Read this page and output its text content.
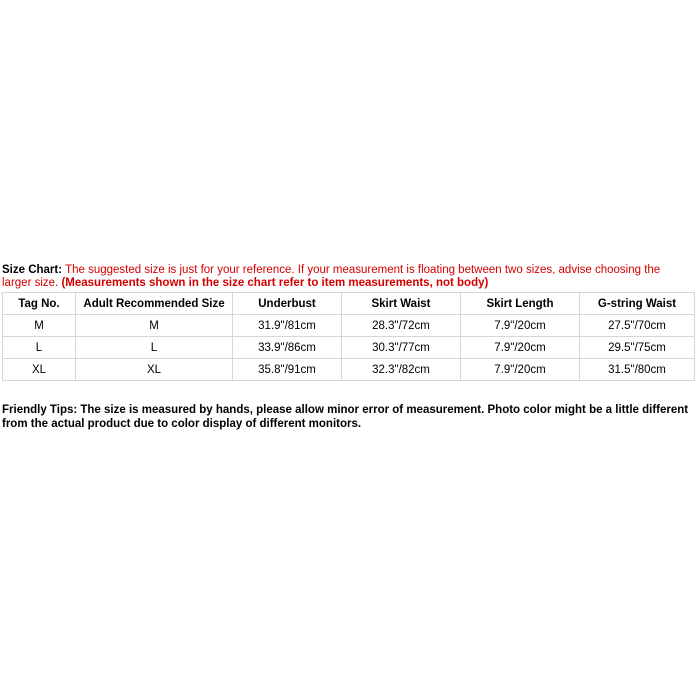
Size Chart: The suggested size is just for your reference. If your measurement is floating between two sizes, advise choosing the larger size. (Measurements shown in the size chart refer to item measurements, not body)
Tag No.	Adult Recommended Size	Underbust	Skirt Waist	Skirt Length	G-string Waist
M	M	31.9"/81cm	28.3"/72cm	7.9"/20cm	27.5"/70cm
L	L	33.9"/86cm	30.3"/77cm	7.9"/20cm	29.5"/75cm
XL	XL	35.8"/91cm	32.3"/82cm	7.9"/20cm	31.5"/80cm
Friendly Tips: The size is measured by hands, please allow minor error of measurement. Photo color might be a little different from the actual product due to color display of different monitors.
